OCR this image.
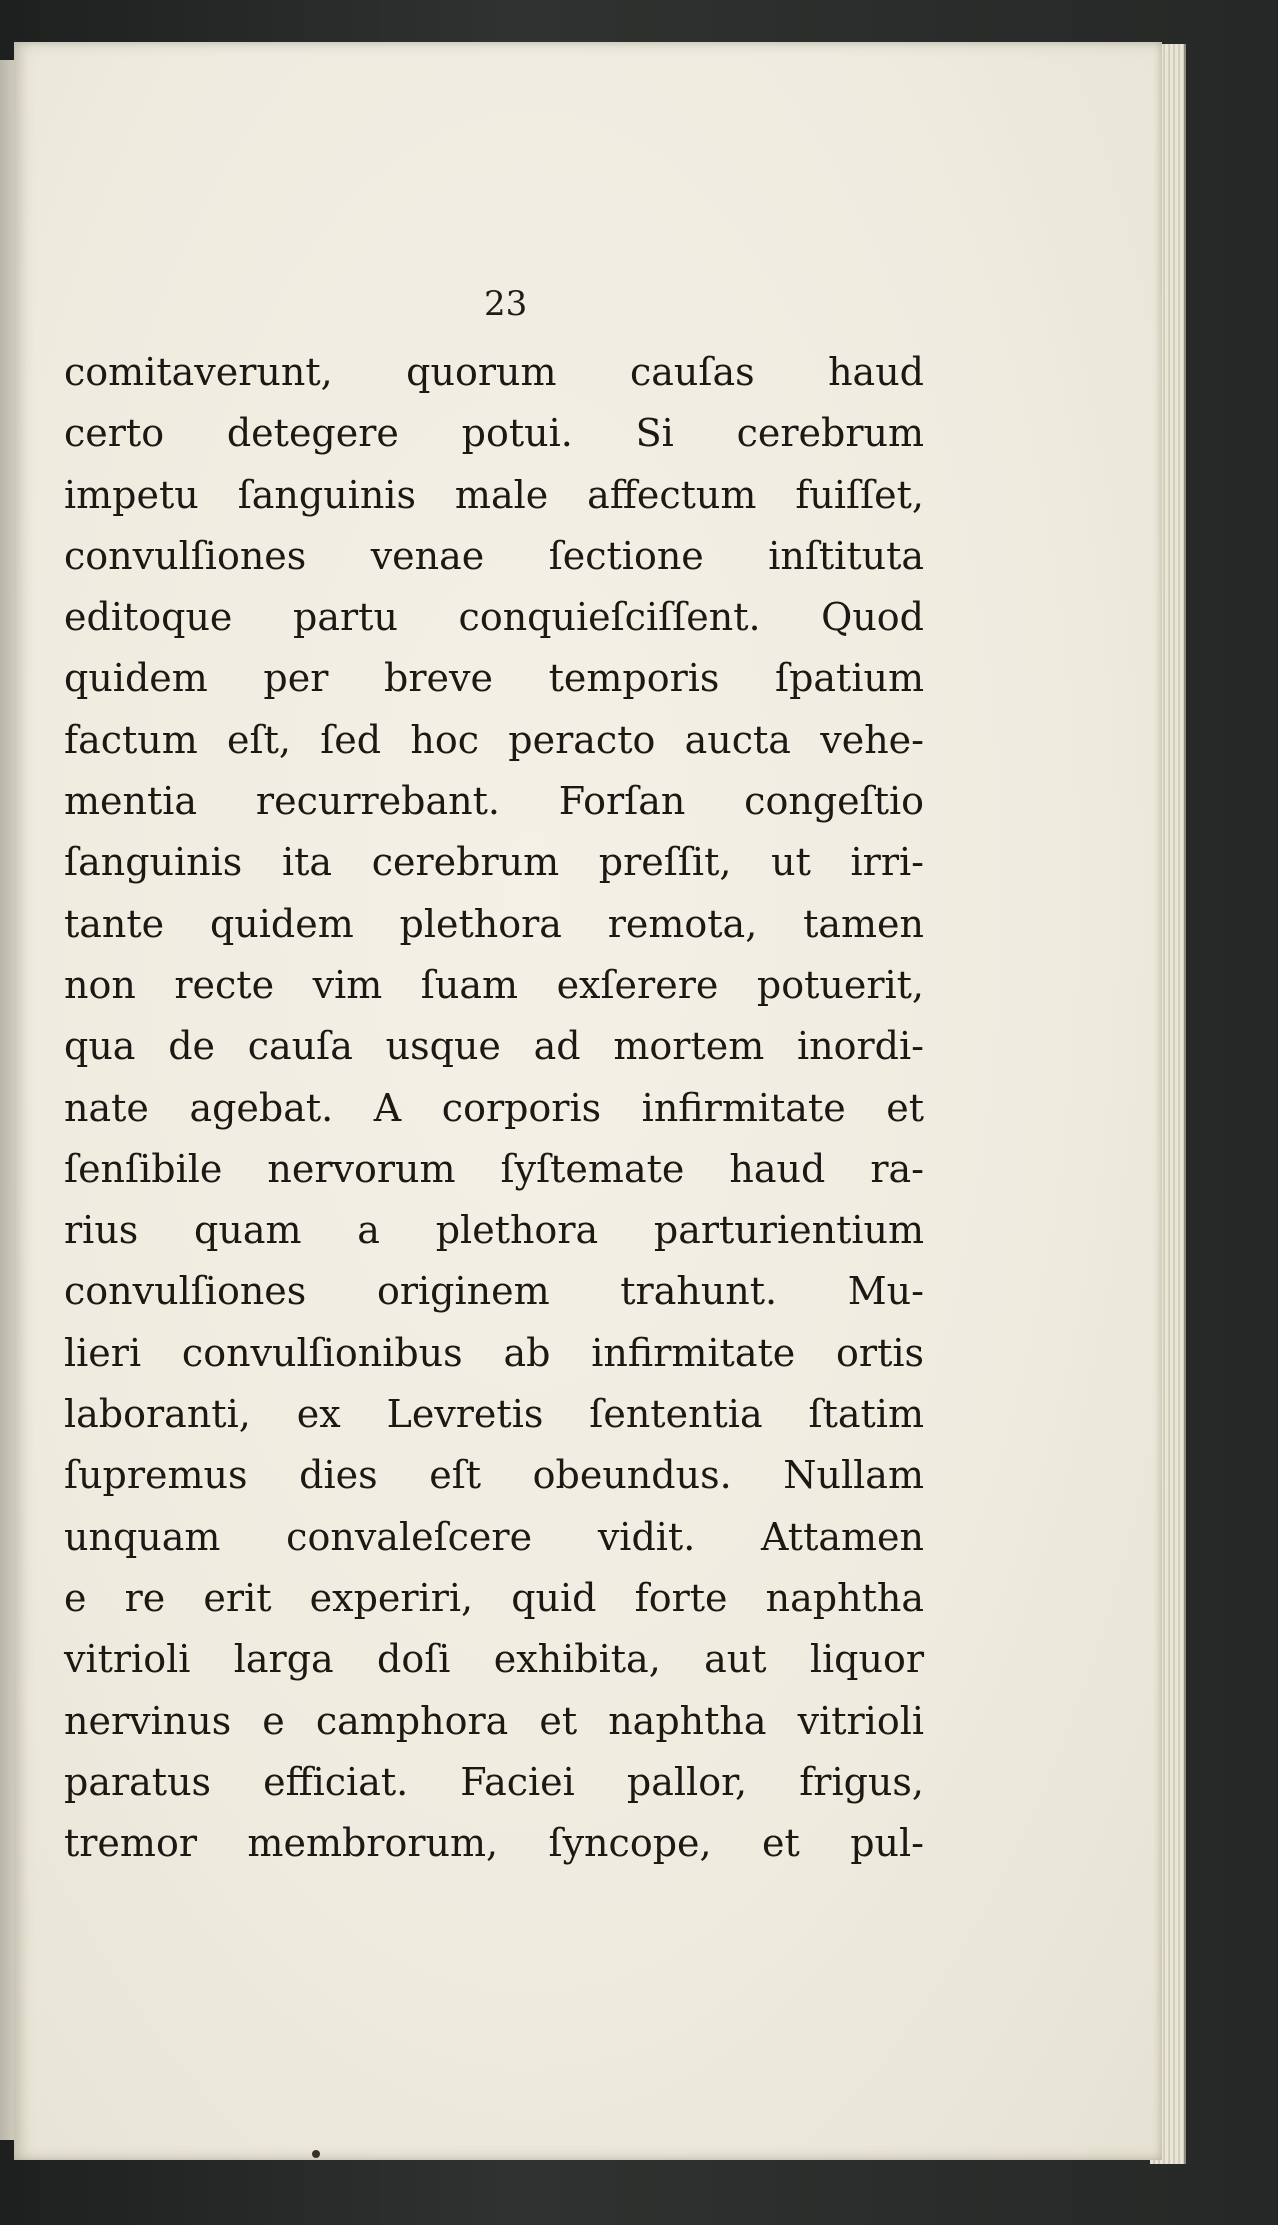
23
comitaverunt, quorum cauſas haud
certo detegere potui. Si cerebrum
impetu ſanguinis male affectum fuiſſet,
convulſiones venae ſectione inſtituta
editoque partu conquieſciſſent. Quod
quidem per breve temporis ſpatium
factum eſt, ſed hoc peracto aucta vehe-
mentia recurrebant. Forſan congeſtio
ſanguinis ita cerebrum preſſit, ut irri-
tante quidem plethora remota, tamen
non recte vim ſuam exſerere potuerit,
qua de cauſa usque ad mortem inordi-
nate agebat. A corporis infirmitate et
ſenſibile nervorum ſyſtemate haud ra-
rius quam a plethora parturientium
convulſiones originem trahunt. Mu-
lieri convulſionibus ab infirmitate ortis
laboranti, ex Levretis ſententia ſtatim
ſupremus dies eſt obeundus. Nullam
unquam convaleſcere vidit. Attamen
e re erit experiri, quid forte naphtha
vitrioli larga doſi exhibita, aut liquor
nervinus e camphora et naphtha vitrioli
paratus efficiat. Faciei pallor, frigus,
tremor membrorum, ſyncope, et pul-
